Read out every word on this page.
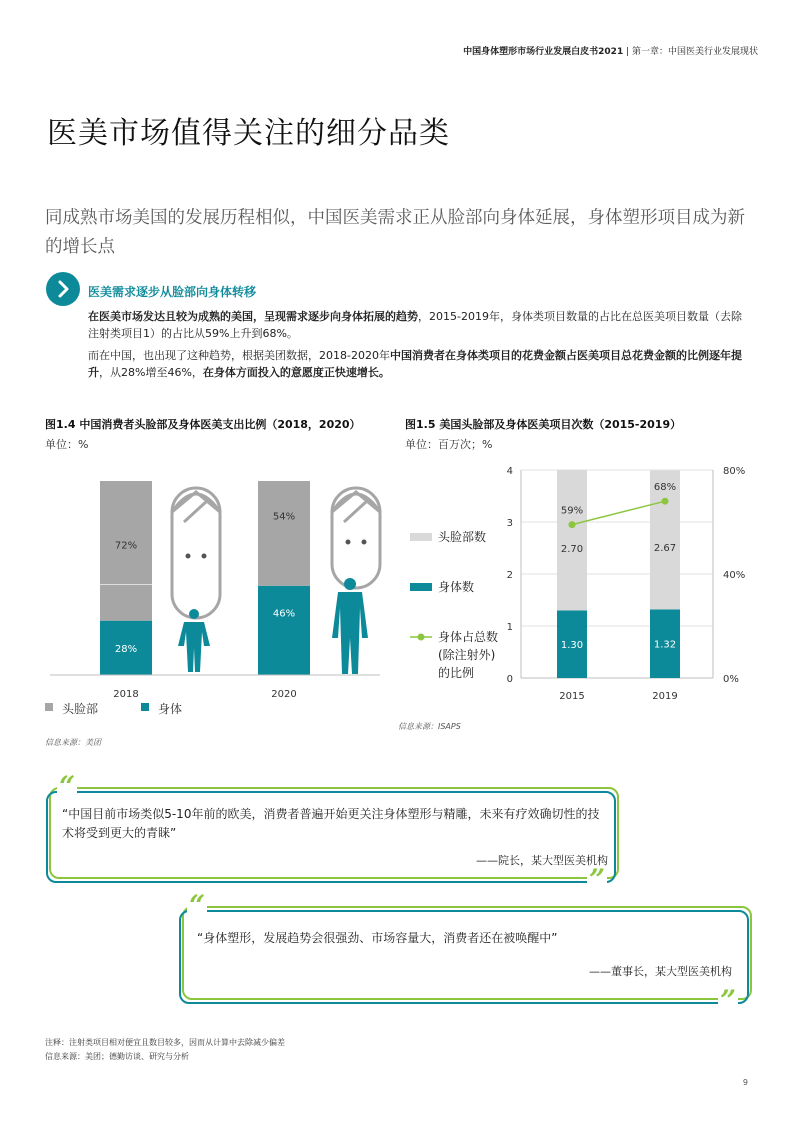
中国身体塑形市场行业发展白皮书2021 | 第一章：中国医美行业发展现状
医美市场值得关注的细分品类
同成熟市场美国的发展历程相似，中国医美需求正从脸部向身体延展，身体塑形项目成为新的增长点
医美需求逐步从脸部向身体转移
在医美市场发达且较为成熟的美国，呈现需求逐步向身体拓展的趋势，2015-2019年，身体类项目数量的占比在总医美项目数量（去除注射类项目1）的占比从59%上升到68%。
而在中国，也出现了这种趋势，根据美团数据，2018-2020年中国消费者在身体类项目的花费金额占医美项目总花费金额的比例逐年提升，从28%增至46%，在身体方面投入的意愿度正快速增长。
图1.4 中国消费者头脸部及身体医美支出比例（2018，2020）
单位：%
28%
72%
2018
46%
54%
2020
头脸部	身体
信息来源：美团
图1.5 美国头脸部及身体医美项目次数（2015-2019）
单位：百万次；%
头脸部数
身体数
身体占总数
(除注射外)
的比例	0
1
2
3
4
0%
40%
80%
1.30
2.70
2015
1.32
2.67
2019
59%
68%
信息来源：ISAPS
“
”
“中国目前市场类似5-10年前的欧美，消费者普遍开始更关注身体塑形与精雕，未来有疗效确切性的技术将受到更大的青睐”
——院长，某大型医美机构
“
”
“身体塑形，发展趋势会很强劲、市场容量大，消费者还在被唤醒中”
——董事长，某大型医美机构
注释：注射类项目相对便宜且数目较多，因而从计算中去除减少偏差
信息来源：美团；德勤访谈、研究与分析
9
